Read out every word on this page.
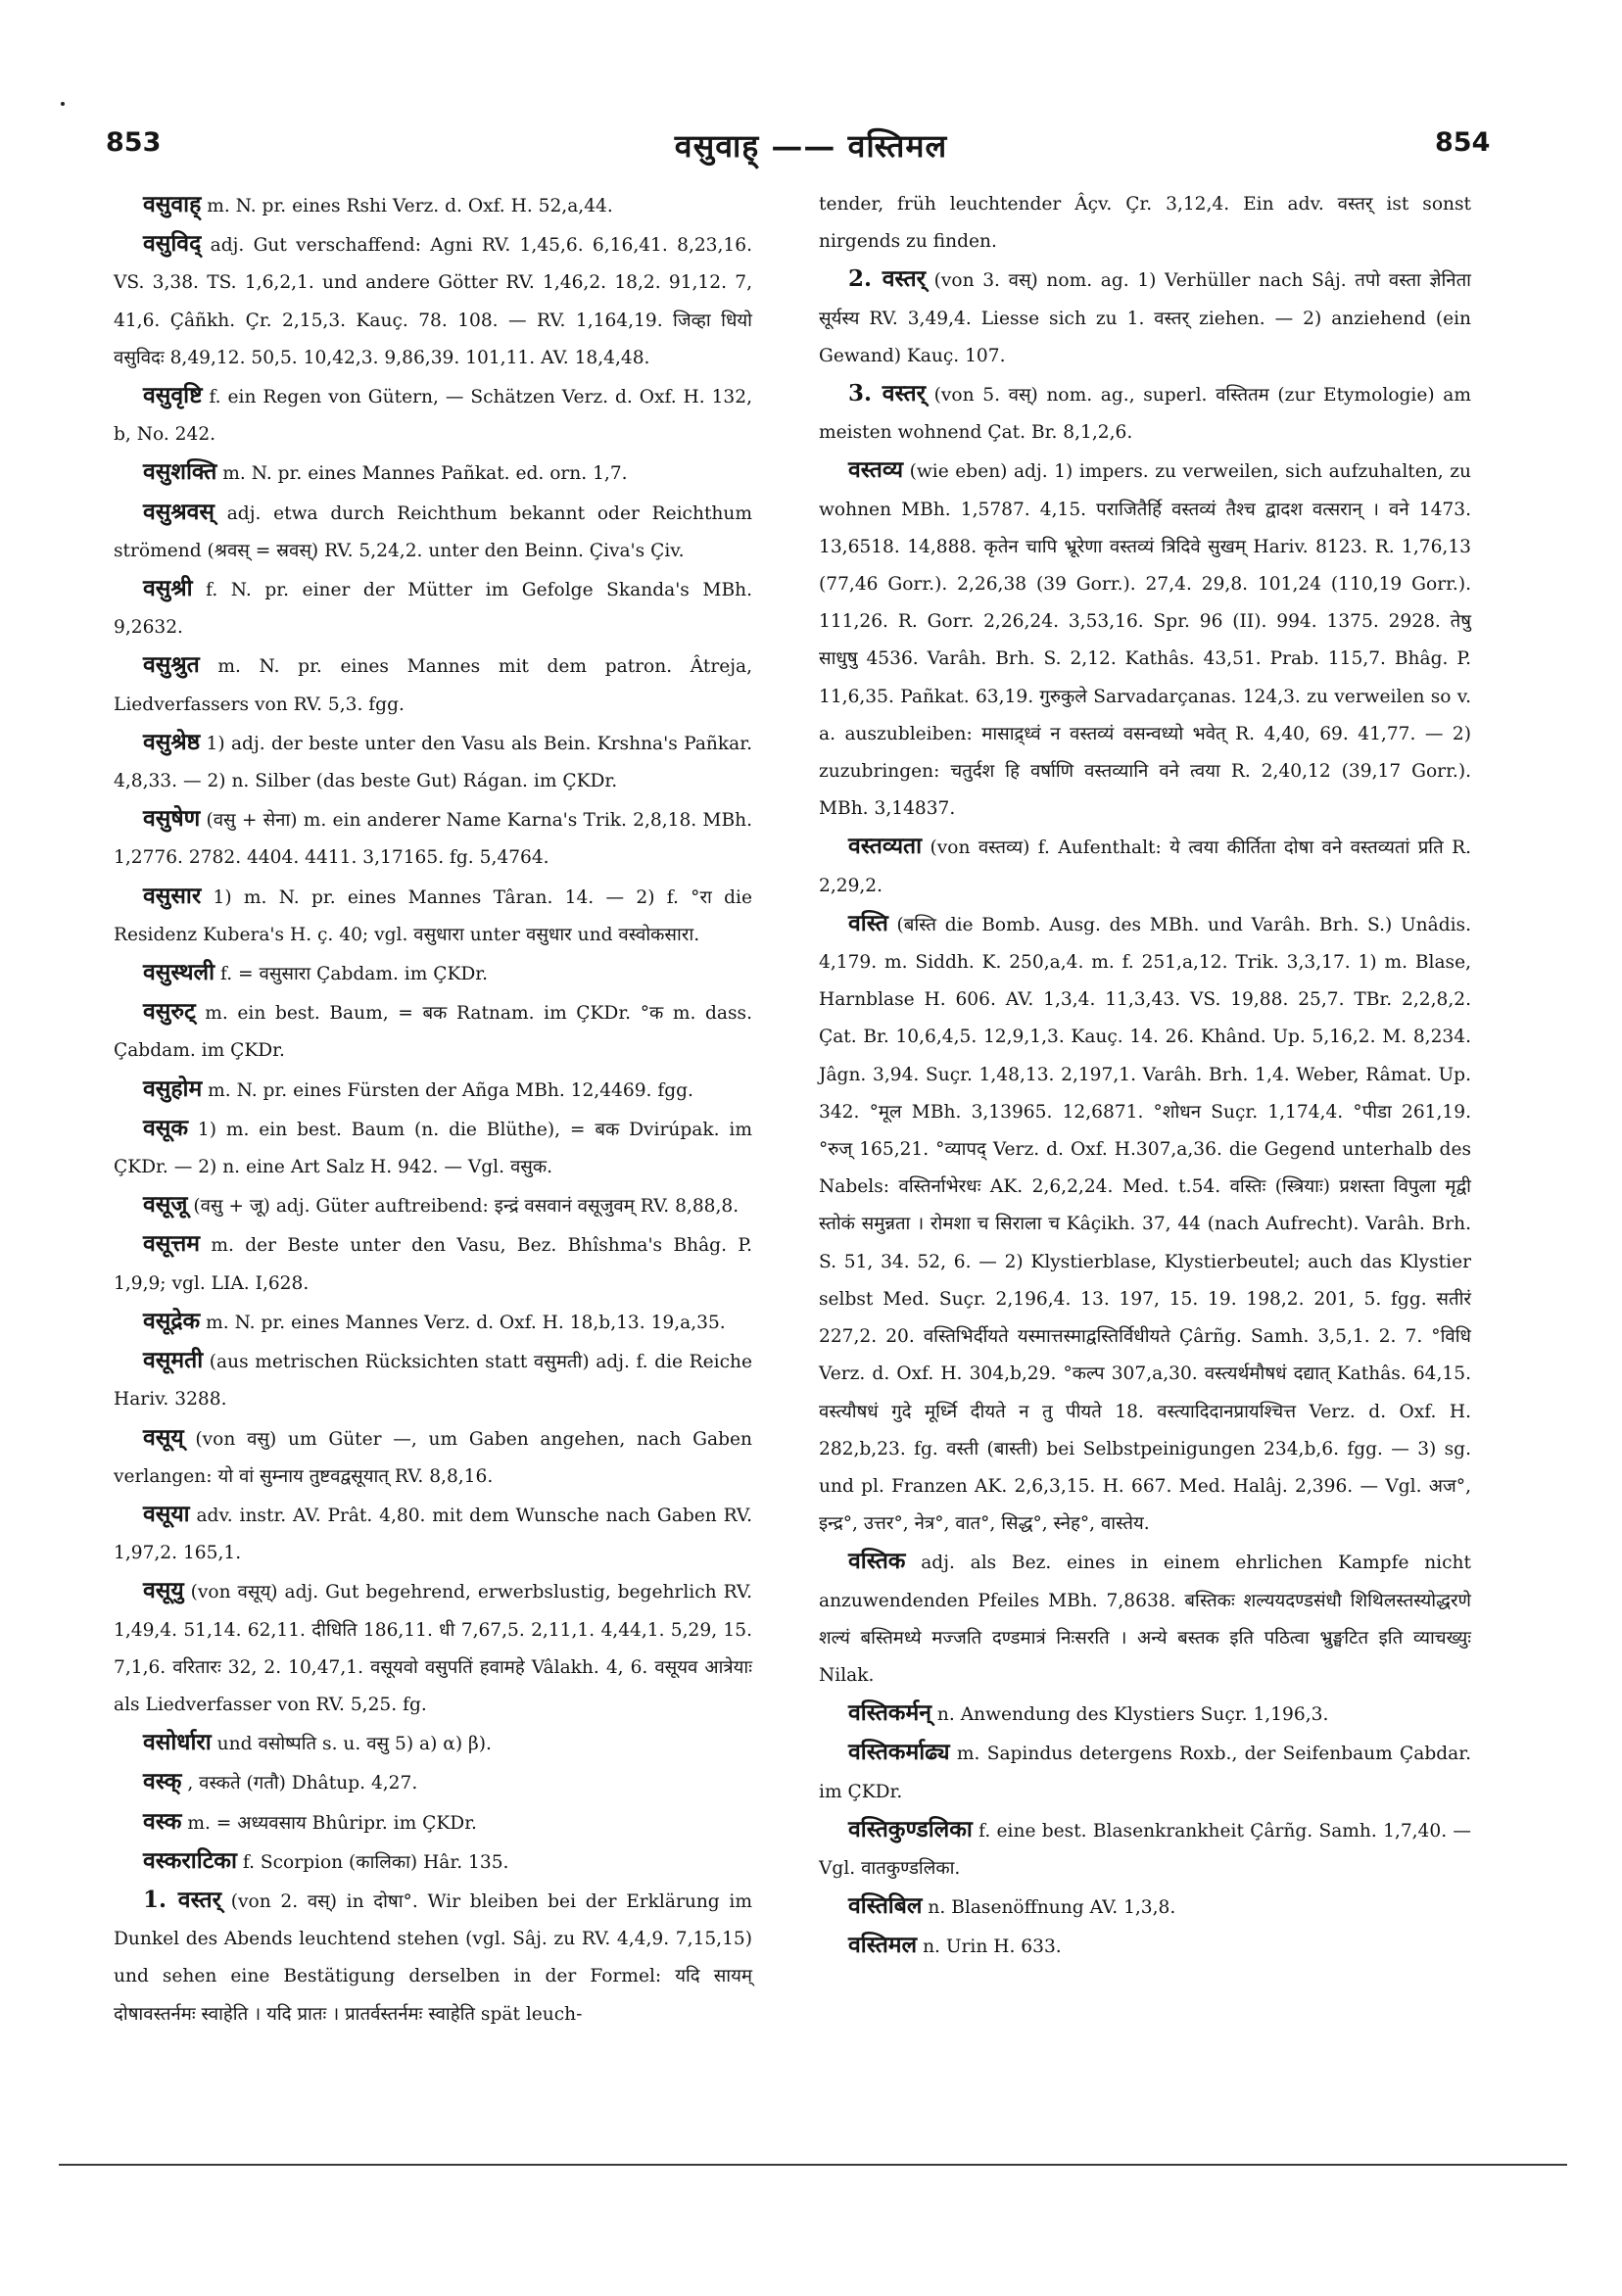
853	वसुवाह् —— वस्तिमल	854

वसुवाह् m. N. pr. eines Rshi Verz. d. Oxf. H. 52,a,44.

वसुविद् adj. Gut verschaffend: Agni RV. 1,45,6. 6,16,41. 8,23,16. VS. 3,38. TS. 1,6,2,1. und andere Götter RV. 1,46,2. 18,2. 91,12. 7, 41,6. Çâñkh. Çr. 2,15,3. Kauç. 78. 108. — RV. 1,164,19. जिव्हा धियो वसुविदः 8,49,12. 50,5. 10,42,3. 9,86,39. 101,11. AV. 18,4,48.

वसुवृष्टि f. ein Regen von Gütern, — Schätzen Verz. d. Oxf. H. 132, b, No. 242.

वसुशक्ति m. N. pr. eines Mannes Pañkat. ed. orn. 1,7.

वसुश्रवस् adj. etwa durch Reichthum bekannt oder Reichthum strömend (श्रवस् = स्रवस्) RV. 5,24,2. unter den Beinn. Çiva's Çiv.

वसुश्री f. N. pr. einer der Mütter im Gefolge Skanda's MBh. 9,2632.

वसुश्रुत m. N. pr. eines Mannes mit dem patron. Âtreja, Liedverfassers von RV. 5,3. fgg.

वसुश्रेष्ठ 1) adj. der beste unter den Vasu als Bein. Krshna's Pañkar. 4,8,33. — 2) n. Silber (das beste Gut) Rágan. im ÇKDr.

वसुषेण (वसु + सेना) m. ein anderer Name Karna's Trik. 2,8,18. MBh. 1,2776. 2782. 4404. 4411. 3,17165. fg. 5,4764.

वसुसार 1) m. N. pr. eines Mannes Târan. 14. — 2) f. °रा die Residenz Kubera's H. ç. 40; vgl. वसुधारा unter वसुधार und वस्वोकसारा.

वसुस्थली f. = वसुसारा Çabdam. im ÇKDr.

वसुरुट् m. ein best. Baum, = बक Ratnam. im ÇKDr. °क m. dass. Çabdam. im ÇKDr.

वसुहोम m. N. pr. eines Fürsten der Añga MBh. 12,4469. fgg.

वसूक 1) m. ein best. Baum (n. die Blüthe), = बक Dvirúpak. im ÇKDr. — 2) n. eine Art Salz H. 942. — Vgl. वसुक.

वसूजू (वसु + जू) adj. Güter auftreibend: इन्द्रं वसवानं वसूजुवम् RV. 8,88,8.

वसूत्तम m. der Beste unter den Vasu, Bez. Bhîshma's Bhâg. P. 1,9,9; vgl. LIA. I,628.

वसूद्रेक m. N. pr. eines Mannes Verz. d. Oxf. H. 18,b,13. 19,a,35.

वसूमती (aus metrischen Rücksichten statt वसुमती) adj. f. die Reiche Hariv. 3288.

वसूय् (von वसु) um Güter —, um Gaben angehen, nach Gaben verlangen: यो वां सुम्नाय तुष्टवद्वसूयात् RV. 8,8,16.

वसूया adv. instr. AV. Prât. 4,80. mit dem Wunsche nach Gaben RV. 1,97,2. 165,1.

वसूयु (von वसूय्) adj. Gut begehrend, erwerbslustig, begehrlich RV. 1,49,4. 51,14. 62,11. दीधिति 186,11. धी 7,67,5. 2,11,1. 4,44,1. 5,29, 15. 7,1,6. वरितारः 32, 2. 10,47,1. वसूयवो वसुपतिं हवामहे Vâlakh. 4, 6. वसूयव आत्रेयाः als Liedverfasser von RV. 5,25. fg.

वसोर्धारा und वसोष्पति s. u. वसु 5) a) α) β).

वस्क् , वस्कते (गतौ) Dhâtup. 4,27.

वस्क m. = अध्यवसाय Bhûripr. im ÇKDr.

वस्कराटिका f. Scorpion (कालिका) Hâr. 135.

1. वस्तर् (von 2. वस्) in दोषा°. Wir bleiben bei der Erklärung im Dunkel des Abends leuchtend stehen (vgl. Sâj. zu RV. 4,4,9. 7,15,15) und sehen eine Bestätigung derselben in der Formel: यदि सायम् दोषावस्तर्नमः स्वाहेति । यदि प्रातः । प्रातर्वस्तर्नमः स्वाहेति spät leuch-

tender, früh leuchtender Âçv. Çr. 3,12,4. Ein adv. वस्तर् ist sonst nirgends zu finden.

2. वस्तर् (von 3. वस्) nom. ag. 1) Verhüller nach Sâj. तपो वस्ता ज्ञेनिता सूर्यस्य RV. 3,49,4. Liesse sich zu 1. वस्तर् ziehen. — 2) anziehend (ein Gewand) Kauç. 107.

3. वस्तर् (von 5. वस्) nom. ag., superl. वस्तितम (zur Etymologie) am meisten wohnend Çat. Br. 8,1,2,6.

वस्तव्य (wie eben) adj. 1) impers. zu verweilen, sich aufzuhalten, zu wohnen MBh. 1,5787. 4,15. पराजितैर्हि वस्तव्यं तैश्च द्वादश वत्सरान् । वने 1473. 13,6518. 14,888. कृतेन चापि भ्रूरेणा वस्तव्यं त्रिदिवे सुखम् Hariv. 8123. R. 1,76,13 (77,46 Gorr.). 2,26,38 (39 Gorr.). 27,4. 29,8. 101,24 (110,19 Gorr.). 111,26. R. Gorr. 2,26,24. 3,53,16. Spr. 96 (II). 994. 1375. 2928. तेषु साधुषु 4536. Varâh. Brh. S. 2,12. Kathâs. 43,51. Prab. 115,7. Bhâg. P. 11,6,35. Pañkat. 63,19. गुरुकुले Sarvadarçanas. 124,3. zu verweilen so v. a. auszubleiben: मासाद्र्ध्वं न वस्तव्यं वसन्वध्यो भवेत् R. 4,40, 69. 41,77. — 2) zuzubringen: चतुर्दश हि वर्षाणि वस्तव्यानि वने त्वया R. 2,40,12 (39,17 Gorr.). MBh. 3,14837.

वस्तव्यता (von वस्तव्य) f. Aufenthalt: ये त्वया कीर्तिता दोषा वने वस्तव्यतां प्रति R. 2,29,2.

वस्ति (बस्ति die Bomb. Ausg. des MBh. und Varâh. Brh. S.) Unâdis. 4,179. m. Siddh. K. 250,a,4. m. f. 251,a,12. Trik. 3,3,17. 1) m. Blase, Harnblase H. 606. AV. 1,3,4. 11,3,43. VS. 19,88. 25,7. TBr. 2,2,8,2. Çat. Br. 10,6,4,5. 12,9,1,3. Kauç. 14. 26. Khând. Up. 5,16,2. M. 8,234. Jâgn. 3,94. Suçr. 1,48,13. 2,197,1. Varâh. Brh. 1,4. Weber, Râmat. Up. 342. °मूल MBh. 3,13965. 12,6871. °शोधन Suçr. 1,174,4. °पीडा 261,19. °रुज् 165,21. °व्यापद् Verz. d. Oxf. H.307,a,36. die Gegend unterhalb des Nabels: वस्तिर्नाभेरधः AK. 2,6,2,24. Med. t.54. वस्तिः (स्त्रियाः) प्रशस्ता विपुला मृद्वी स्तोकं समुन्नता । रोमशा च सिराला च Kâçikh. 37, 44 (nach Aufrecht). Varâh. Brh. S. 51, 34. 52, 6. — 2) Klystierblase, Klystierbeutel; auch das Klystier selbst Med. Suçr. 2,196,4. 13. 197, 15. 19. 198,2. 201, 5. fgg. सतीरं 227,2. 20. वस्तिभिर्दीयते यस्मात्तस्माद्वस्तिर्विधीयते Çârñg. Samh. 3,5,1. 2. 7. °विधि Verz. d. Oxf. H. 304,b,29. °कल्प 307,a,30. वस्त्यर्थमौषधं दद्यात् Kathâs. 64,15. वस्त्यौषधं गुदे मूर्ध्नि दीयते न तु पीयते 18. वस्त्यादिदानप्रायश्चित्त Verz. d. Oxf. H. 282,b,23. fg. वस्ती (बास्ती) bei Selbstpeinigungen 234,b,6. fgg. — 3) sg. und pl. Franzen AK. 2,6,3,15. H. 667. Med. Halâj. 2,396. — Vgl. अज°, इन्द्र°, उत्तर°, नेत्र°, वात°, सिद्ध°, स्नेह°, वास्तेय.

वस्तिक adj. als Bez. eines in einem ehrlichen Kampfe nicht anzuwendenden Pfeiles MBh. 7,8638. बस्तिकः शल्ययदण्डसंधौ शिथिलस्तस्योद्धरणे शल्यं बस्तिमध्ये मज्जति दण्डमात्रं निःसरति । अन्ये बस्तक इति पठित्वा भ्रुङ्घटित इति व्याचख्युः Nilak.

वस्तिकर्मन् n. Anwendung des Klystiers Suçr. 1,196,3.

वस्तिकर्माढ्य m. Sapindus detergens Roxb., der Seifenbaum Çabdar. im ÇKDr.

वस्तिकुण्डलिका f. eine best. Blasenkrankheit Çârñg. Samh. 1,7,40. — Vgl. वातकुण्डलिका.

वस्तिबिल n. Blasenöffnung AV. 1,3,8.

वस्तिमल n. Urin H. 633.
